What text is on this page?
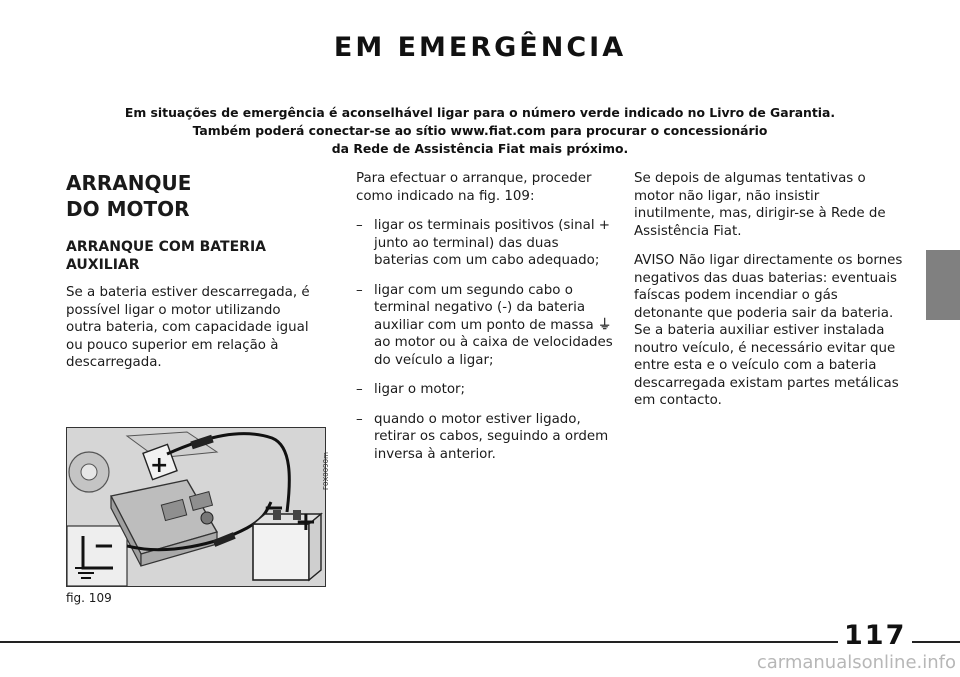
EM EMERGÊNCIA
Em situações de emergência é aconselhável ligar para o número verde indicado no Livro de Garantia.
Também poderá conectar-se ao sítio www.fiat.com para procurar o concessionário
da Rede de Assistência Fiat mais próximo.
ARRANQUE
DO MOTOR
ARRANQUE COM BATERIA
AUXILIAR

Se a bateria estiver descarregada, é possível ligar o motor utilizando outra bateria, com capacidade igual ou pouco superior em relação à descarregada.

Para efectuar o arranque, proceder como indicado na fig. 109:

– ligar os terminais positivos (sinal + junto ao terminal) das duas baterias com um cabo adequado;
– ligar com um segundo cabo o terminal negativo (-) da bateria auxiliar com um ponto de massa ⏚ ao motor ou à caixa de velocidades do veículo a ligar;
– ligar o motor;
– quando o motor estiver ligado, retirar os cabos, seguindo a ordem inversa à anterior.

Se depois de algumas tentativas o motor não ligar, não insistir inutilmente, mas, dirigir-se à Rede de Assistência Fiat.

AVISO Não ligar directamente os bornes negativos das duas baterias: eventuais faíscas podem incendiar o gás detonante que poderia sair da bateria. Se a bateria auxiliar estiver instalada noutro veículo, é necessário evitar que entre esta e o veículo com a bateria descarregada existam partes metálicas em contacto.

−
+
− +
F0X0090m
fig. 109
117
carmanualsonline.info
